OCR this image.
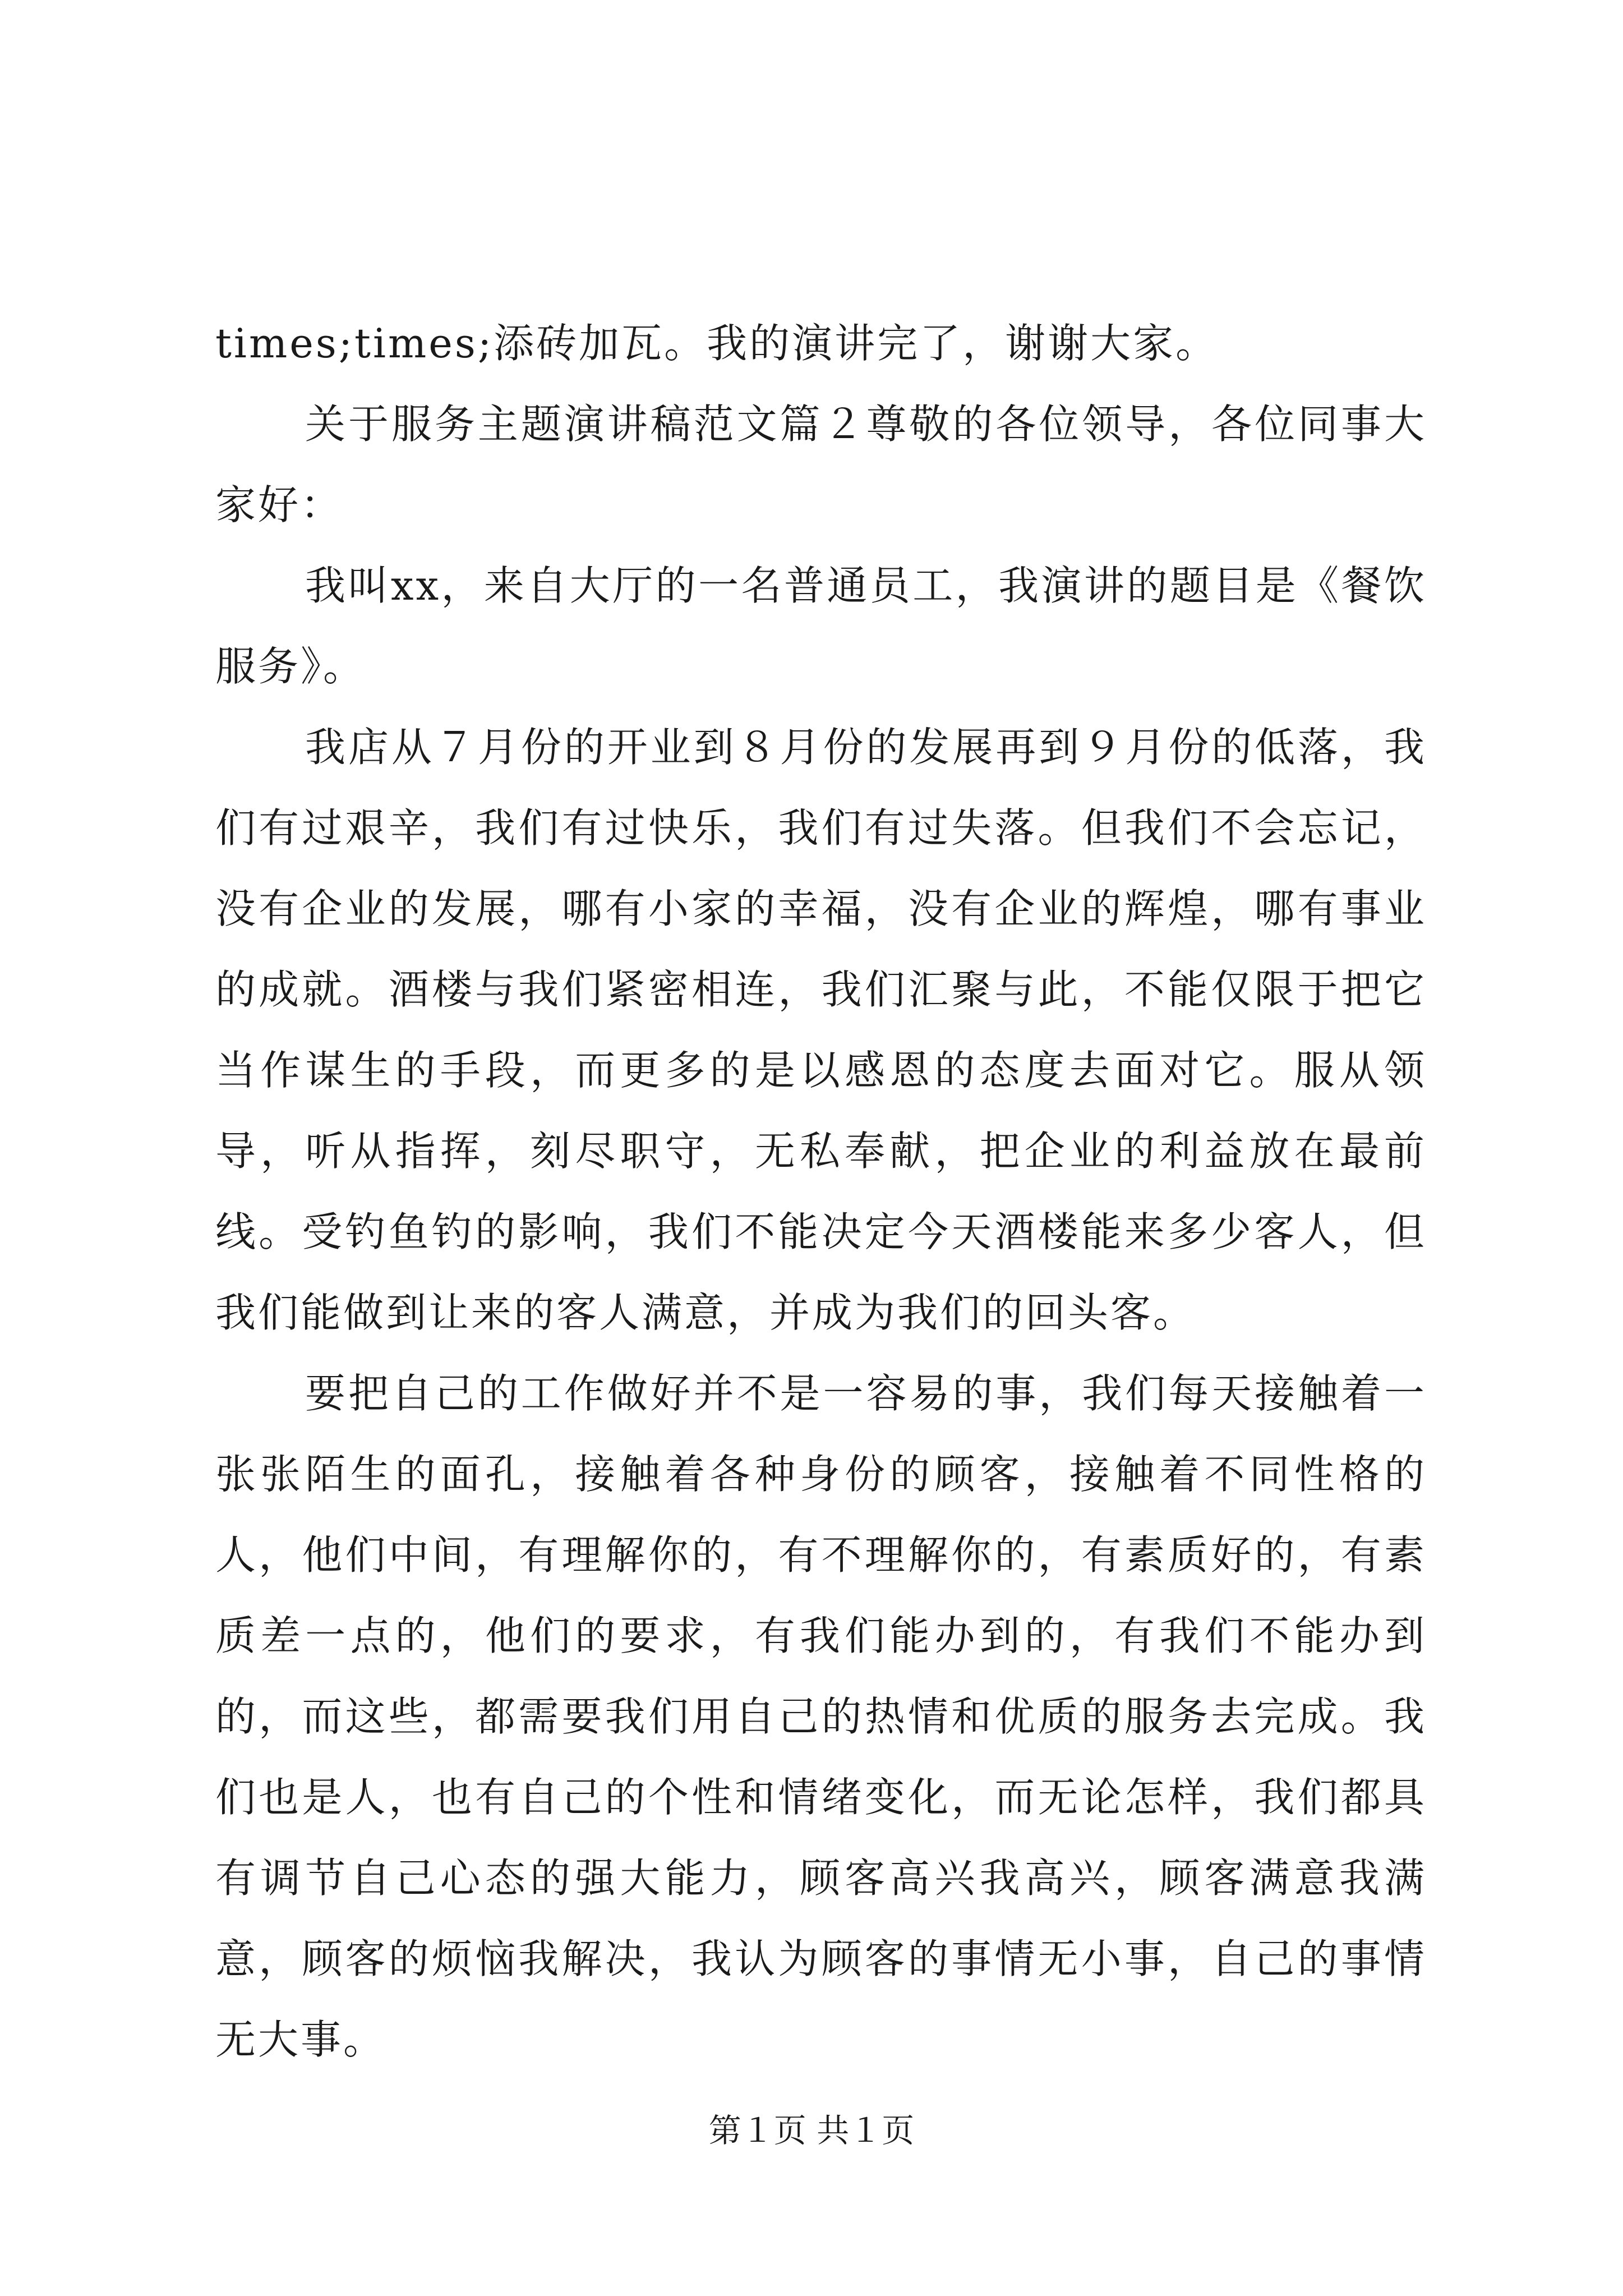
times;times;添砖加瓦。我的演讲完了，谢谢大家。

关于服务主题演讲稿范文篇２尊敬的各位领导，各位同事大家好：

我叫xx，来自大厅的一名普通员工，我演讲的题目是《餐饮服务》。

我店从７月份的开业到８月份的发展再到９月份的低落，我们有过艰辛，我们有过快乐，我们有过失落。但我们不会忘记，没有企业的发展，哪有小家的幸福，没有企业的辉煌，哪有事业的成就。酒楼与我们紧密相连，我们汇聚与此，不能仅限于把它当作谋生的手段，而更多的是以感恩的态度去面对它。服从领导，听从指挥，刻尽职守，无私奉献，把企业的利益放在最前线。受钓鱼钓的影响，我们不能决定今天酒楼能来多少客人，但我们能做到让来的客人满意，并成为我们的回头客。

要把自己的工作做好并不是一容易的事，我们每天接触着一张张陌生的面孔，接触着各种身份的顾客，接触着不同性格的人，他们中间，有理解你的，有不理解你的，有素质好的，有素质差一点的，他们的要求，有我们能办到的，有我们不能办到的，而这些，都需要我们用自己的热情和优质的服务去完成。我们也是人，也有自己的个性和情绪变化，而无论怎样，我们都具有调节自己心态的强大能力，顾客高兴我高兴，顾客满意我满意，顾客的烦恼我解决，我认为顾客的事情无小事，自己的事情无大事。

第１页 共１页
